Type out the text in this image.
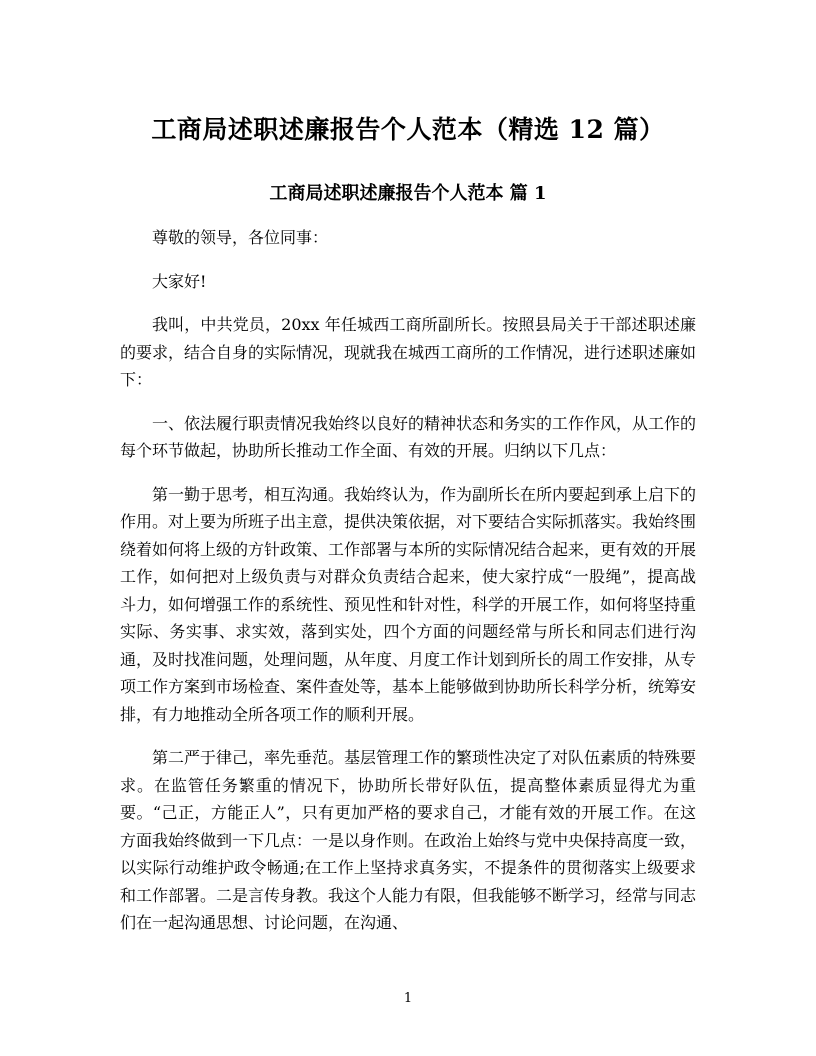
工商局述职述廉报告个人范本（精选 12 篇）
工商局述职述廉报告个人范本 篇 1

尊敬的领导，各位同事：

大家好!

我叫，中共党员，20xx 年任城西工商所副所长。按照县局关于干部述职述廉的要求，结合自身的实际情况，现就我在城西工商所的工作情况，进行述职述廉如下：

一、依法履行职责情况我始终以良好的精神状态和务实的工作作风，从工作的每个环节做起，协助所长推动工作全面、有效的开展。归纳以下几点：

第一勤于思考，相互沟通。我始终认为，作为副所长在所内要起到承上启下的作用。对上要为所班子出主意，提供决策依据，对下要结合实际抓落实。我始终围绕着如何将上级的方针政策、工作部署与本所的实际情况结合起来，更有效的开展工作，如何把对上级负责与对群众负责结合起来，使大家拧成“一股绳”，提高战斗力，如何增强工作的系统性、预见性和针对性，科学的开展工作，如何将坚持重实际、务实事、求实效，落到实处，四个方面的问题经常与所长和同志们进行沟通，及时找准问题，处理问题，从年度、月度工作计划到所长的周工作安排，从专项工作方案到市场检查、案件查处等，基本上能够做到协助所长科学分析，统筹安排，有力地推动全所各项工作的顺利开展。

第二严于律己，率先垂范。基层管理工作的繁琐性决定了对队伍素质的特殊要求。在监管任务繁重的情况下，协助所长带好队伍，提高整体素质显得尤为重要。“己正，方能正人”，只有更加严格的要求自己，才能有效的开展工作。在这方面我始终做到一下几点：一是以身作则。在政治上始终与党中央保持高度一致，以实际行动维护政令畅通;在工作上坚持求真务实，不提条件的贯彻落实上级要求和工作部署。二是言传身教。我这个人能力有限，但我能够不断学习，经常与同志们在一起沟通思想、讨论问题，在沟通、

1
